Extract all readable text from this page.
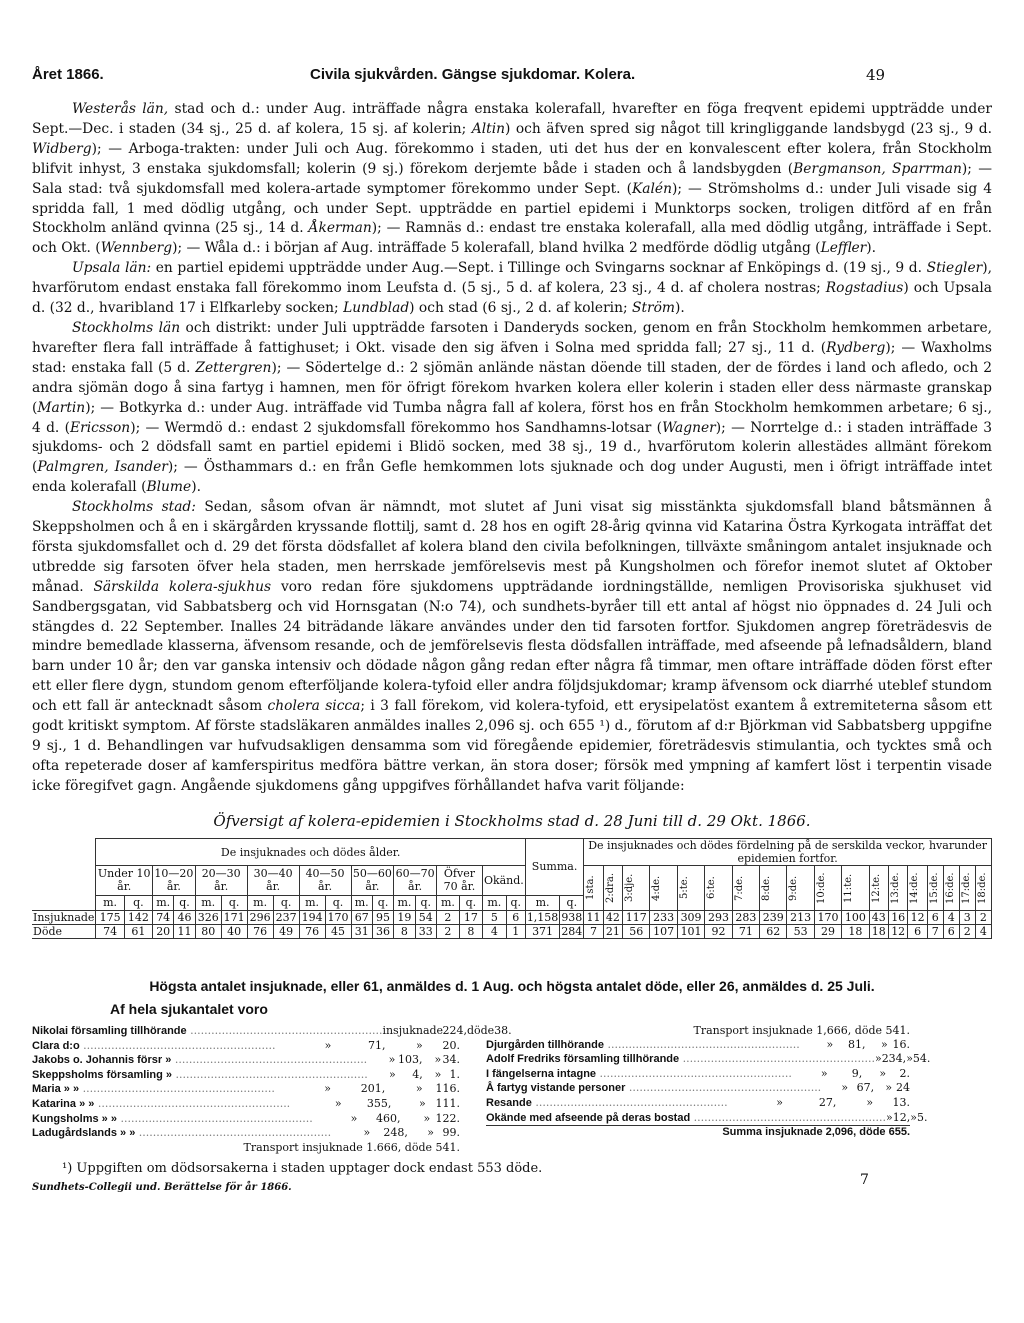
Året 1866.	Civila sjukvården. Gängse sjukdomar. Kolera.	49

Westerås län, stad och d.: under Aug. inträffade några enstaka kolerafall, hvarefter en föga freqvent epidemi uppträdde under Sept.—Dec. i staden (34 sj., 25 d. af kolera, 15 sj. af kolerin; Altin) och äfven spred sig något till kringliggande landsbygd (23 sj., 9 d. Widberg); — Arboga-trakten: under Juli och Aug. förekommo i staden, uti det hus der en konvalescent efter kolera, från Stockholm blifvit inhyst, 3 enstaka sjukdomsfall; kolerin (9 sj.) förekom derjemte både i staden och å landsbygden (Bergmanson, Sparrman); — Sala stad: två sjukdomsfall med kolera-artade symptomer förekommo under Sept. (Kalén); — Strömsholms d.: under Juli visade sig 4 spridda fall, 1 med dödlig utgång, och under Sept. uppträdde en partiel epidemi i Munktorps socken, troligen ditförd af en från Stockholm anländ qvinna (25 sj., 14 d. Åkerman); — Ramnäs d.: endast tre enstaka kolerafall, alla med dödlig utgång, inträffade i Sept. och Okt. (Wennberg); — Wåla d.: i början af Aug. inträffade 5 kolerafall, bland hvilka 2 medförde dödlig utgång (Leffler).

Upsala län: en partiel epidemi uppträdde under Aug.—Sept. i Tillinge och Svingarns socknar af Enköpings d. (19 sj., 9 d. Stiegler), hvarförutom endast enstaka fall förekommo inom Leufsta d. (5 sj., 5 d. af kolera, 23 sj., 4 d. af cholera nostras; Rogstadius) och Upsala d. (32 d., hvaribland 17 i Elfkarleby socken; Lundblad) och stad (6 sj., 2 d. af kolerin; Ström).

Stockholms län och distrikt: under Juli uppträdde farsoten i Danderyds socken, genom en från Stockholm hemkommen arbetare, hvarefter flera fall inträffade å fattighuset; i Okt. visade den sig äfven i Solna med spridda fall; 27 sj., 11 d. (Rydberg); — Waxholms stad: enstaka fall (5 d. Zettergren); — Södertelge d.: 2 sjömän anlände nästan döende till staden, der de fördes i land och afledo, och 2 andra sjömän dogo å sina fartyg i hamnen, men för öfrigt förekom hvarken kolera eller kolerin i staden eller dess närmaste granskap (Martin); — Botkyrka d.: under Aug. inträffade vid Tumba några fall af kolera, först hos en från Stockholm hemkommen arbetare; 6 sj., 4 d. (Ericsson); — Wermdö d.: endast 2 sjukdomsfall förekommo hos Sandhamns-lotsar (Wagner); — Norrtelge d.: i staden inträffade 3 sjukdoms- och 2 dödsfall samt en partiel epidemi i Blidö socken, med 38 sj., 19 d., hvarförutom kolerin allestädes allmänt förekom (Palmgren, Isander); — Östhammars d.: en från Gefle hemkommen lots sjuknade och dog under Augusti, men i öfrigt inträffade intet enda kolerafall (Blume).

Stockholms stad: Sedan, såsom ofvan är nämndt, mot slutet af Juni visat sig misstänkta sjukdomsfall bland båtsmännen å Skeppsholmen och å en i skärgården kryssande flottilj, samt d. 28 hos en ogift 28-årig qvinna vid Katarina Östra Kyrkogata inträffat det första sjukdomsfallet och d. 29 det första dödsfallet af kolera bland den civila befolkningen, tillväxte småningom antalet insjuknade och utbredde sig farsoten öfver hela staden, men herrskade jemförelsevis mest på Kungsholmen och förefor inemot slutet af Oktober månad. Särskilda kolera-sjukhus voro redan före sjukdomens uppträdande iordningställde, nemligen Provisoriska sjukhuset vid Sandbergsgatan, vid Sabbatsberg och vid Hornsgatan (N:o 74), och sundhets-byråer till ett antal af högst nio öppnades d. 24 Juli och stängdes d. 22 September. Inalles 24 biträdande läkare användes under den tid farsoten fortfor. Sjukdomen angrep företrädesvis de mindre bemedlade klasserna, äfvensom resande, och de jemförelsevis flesta dödsfallen inträffade, med afseende på lefnadsåldern, bland barn under 10 år; den var ganska intensiv och dödade någon gång redan efter några få timmar, men oftare inträffade döden först efter ett eller flere dygn, stundom genom efterföljande kolera-tyfoid eller andra följdsjukdomar; kramp äfvensom ock diarrhé uteblef stundom och ett fall är antecknadt såsom cholera sicca; i 3 fall förekom, vid kolera-tyfoid, ett erysipelatöst exantem å extremiteterna såsom ett godt kritiskt symptom. Af förste stadsläkaren anmäldes inalles 2,096 sj. och 655 ¹) d., förutom af d:r Björkman vid Sabbatsberg uppgifne 9 sj., 1 d. Behandlingen var hufvudsakligen densamma som vid föregående epidemier, företrädesvis stimulantia, och tycktes små och ofta repeterade doser af kamferspiritus medföra bättre verkan, än stora doser; försök med ympning af kamfert löst i terpentin visade icke föregifvet gagn. Angående sjukdomens gång uppgifves förhållandet hafva varit följande:

Öfversigt af kolera-epidemien i Stockholms stad d. 28 Juni till d. 29 Okt. 1866.
	De insjuknades och dödes ålder.																		Summa.		De insjuknades och dödes fördelning på de serskilda veckor, hvarunder epidemien fortfor.																	
	Under 10 år.		10—20 år.		20—30 år.		30—40 år.		40—50 år.		50—60 år.		60—70 år.		Öfver 70 år.		Okänd.				1sta.	2:dra.	3:dje.	4:de.	5:te.	6:te.	7:de.	8:de.	9:de.	10:de.	11:te.	12:te.	13:de.	14:de.	15:de.	16:de.	17:de.	18:de.

	m.	q.	m.	q.	m.	q.	m.	q.	m.	q.	m.	q.	m.	q.	m.	q.	m.	q.	m.	q.																		
Insjuknade	175	142	74	46	326	171	296	237	194	170	67	95	19	54	2	17	5	6	1,158	938	11	42	117	233	309	293	283	239	213	170	100	43	16	12	6	4	3	2
Döde	74	61	20	11	80	40	76	49	76	45	31	36	8	33	2	8	4	1	371	284	7	21	56	107	101	92	71	62	53	29	18	18	12	6	7	6	2	4
Högsta antalet insjuknade, eller 61, anmäldes d. 1 Aug. och högsta antalet döde, eller 26, anmäldes d. 25 Juli.
Af hela sjukantalet voro
Nikolai församling tillhörande ....................................................... insjuknade 224, döde 38.
Clara d:o .......................................................	»	71,	»	20.
Jakobs o. Johannis försr » .......................................................	» 103,	» 34.
Skeppsholms församling » .......................................................	»	4,	» 1.
Maria » » .......................................................	»	201,	»	116.
Katarina » » .......................................................	»	355,	» 111.
Kungsholms » » .......................................................	»	460,	» 122.
Ladugårdslands » » .......................................................	»	248,	» 99.
Transport insjuknade 1.666, döde 541.
Transport insjuknade 1,666, döde 541.
Djurgården tillhörande .......................................................	»	81,	» 16.
Adolf Fredriks församling tillhörande ....................................................... » 234, » 54.
I fängelserna intagne .......................................................	»	9,	»	2.
Å fartyg vistande personer .......................................................	» 67,	» 24
Resande .......................................................	»	27,	»	13.
Okände med afseende på deras bostad ....................................................... » 12, » 5.
Summa insjuknade 2,096, döde 655.
¹) Uppgiften om dödsorsakerna i staden upptager dock endast 553 döde.
Sundhets-Collegii und. Berättelse för år 1866.	7
